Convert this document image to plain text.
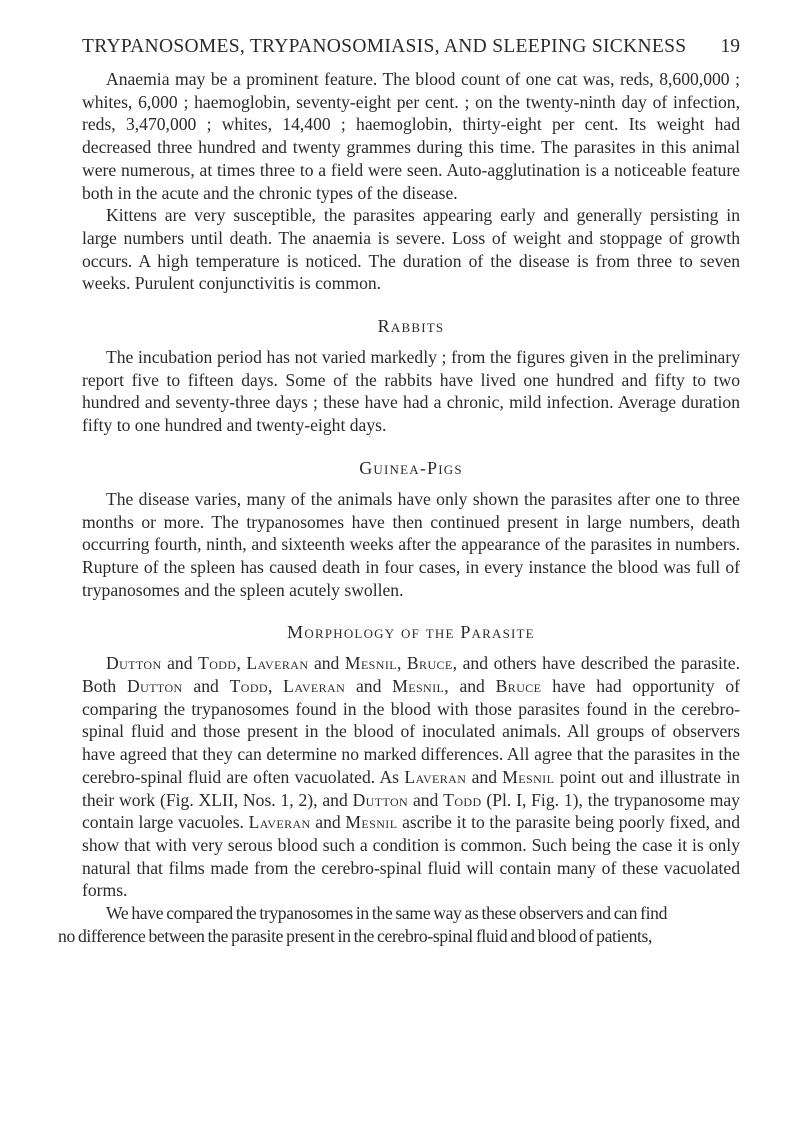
TRYPANOSOMES, TRYPANOSOMIASIS, AND SLEEPING SICKNESS 19

Anaemia may be a prominent feature. The blood count of one cat was, reds, 8,600,000 ; whites, 6,000 ; haemoglobin, seventy-eight per cent. ; on the twenty-ninth day of infection, reds, 3,470,000 ; whites, 14,400 ; haemoglobin, thirty-eight per cent. Its weight had decreased three hundred and twenty grammes during this time. The parasites in this animal were numerous, at times three to a field were seen. Auto-agglutination is a noticeable feature both in the acute and the chronic types of the disease.

Kittens are very susceptible, the parasites appearing early and generally persisting in large numbers until death. The anaemia is severe. Loss of weight and stoppage of growth occurs. A high temperature is noticed. The duration of the disease is from three to seven weeks. Purulent conjunctivitis is common.

Rabbits

The incubation period has not varied markedly ; from the figures given in the preliminary report five to fifteen days. Some of the rabbits have lived one hundred and fifty to two hundred and seventy-three days ; these have had a chronic, mild infection. Average duration fifty to one hundred and twenty-eight days.

Guinea-Pigs

The disease varies, many of the animals have only shown the parasites after one to three months or more. The trypanosomes have then continued present in large numbers, death occurring fourth, ninth, and sixteenth weeks after the appearance of the parasites in numbers. Rupture of the spleen has caused death in four cases, in every instance the blood was full of trypanosomes and the spleen acutely swollen.

Morphology of the Parasite

Dutton and Todd, Laveran and Mesnil, Bruce, and others have described the parasite. Both Dutton and Todd, Laveran and Mesnil, and Bruce have had opportunity of comparing the trypanosomes found in the blood with those parasites found in the cerebro-spinal fluid and those present in the blood of inoculated animals. All groups of observers have agreed that they can determine no marked differences. All agree that the parasites in the cerebro-spinal fluid are often vacuolated. As Laveran and Mesnil point out and illustrate in their work (Fig. XLII, Nos. 1, 2), and Dutton and Todd (Pl. I, Fig. 1), the trypanosome may contain large vacuoles. Laveran and Mesnil ascribe it to the parasite being poorly fixed, and show that with very serous blood such a condition is common. Such being the case it is only natural that films made from the cerebro-spinal fluid will contain many of these vacuolated forms.

We have compared the trypanosomes in the same way as these observers and can find
no difference between the parasite present in the cerebro-spinal fluid and blood of patients,
